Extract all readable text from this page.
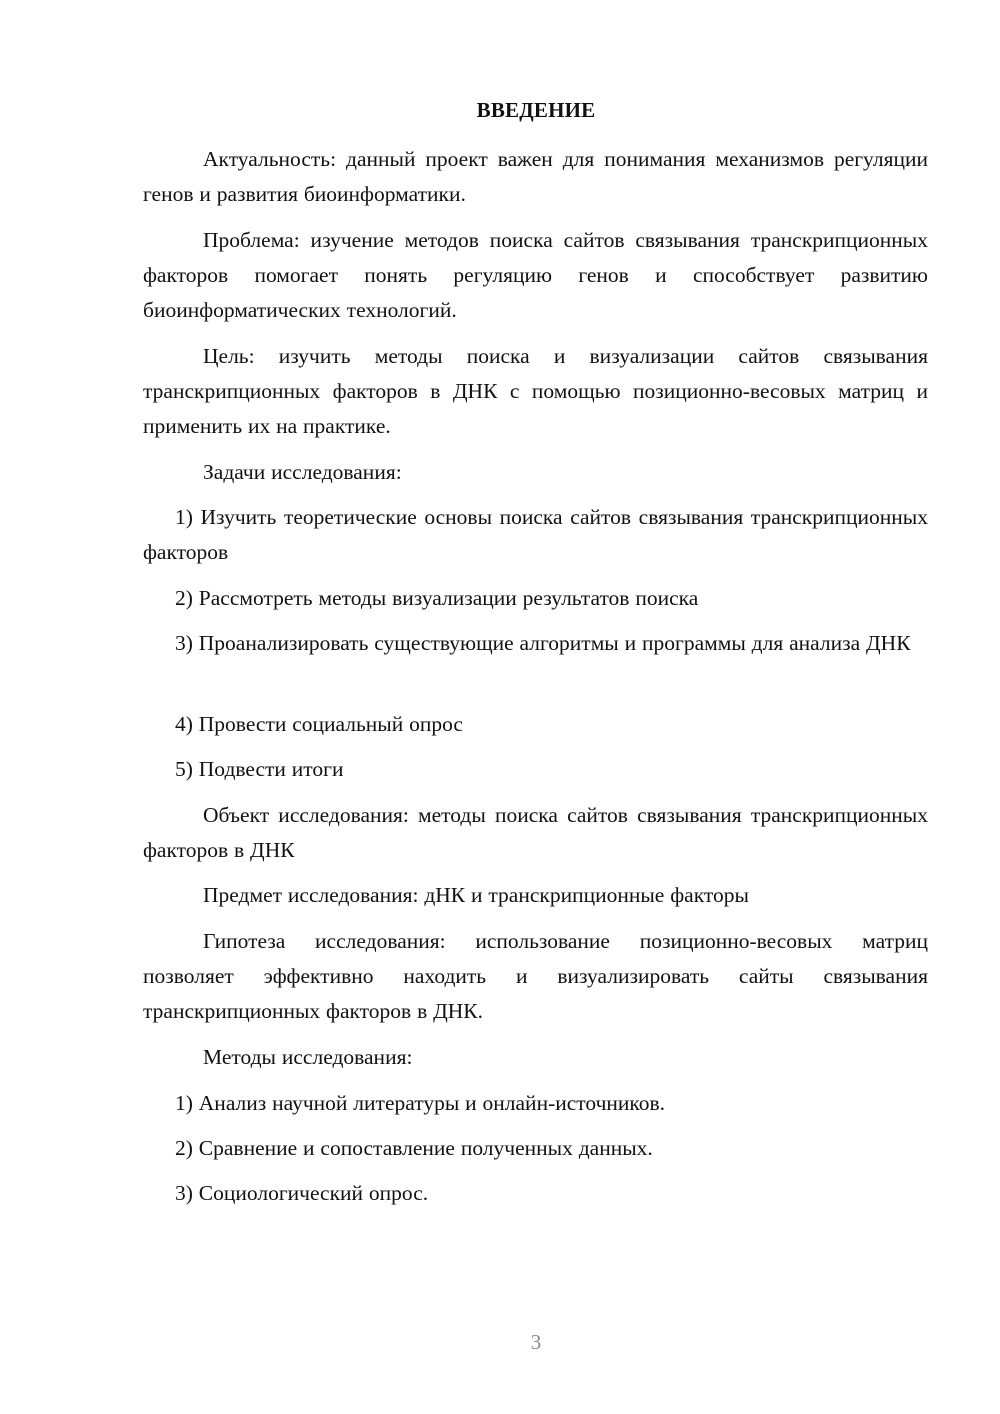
ВВЕДЕНИЕ

Актуальность: данный проект важен для понимания механизмов регуляции генов и развития биоинформатики.

Проблема: изучение методов поиска сайтов связывания транскрипционных факторов помогает понять регуляцию генов и способствует развитию биоинформатических технологий.

Цель: изучить методы поиска и визуализации сайтов связывания транскрипционных факторов в ДНК с помощью позиционно-весовых матриц и применить их на практике.

Задачи исследования:

1) Изучить теоретические основы поиска сайтов связывания транскрипционных факторов

2) Рассмотреть методы визуализации результатов поиска

3) Проанализировать существующие алгоритмы и программы для анализа ДНК

4) Провести социальный опрос

5) Подвести итоги

Объект исследования: методы поиска сайтов связывания транскрипционных факторов в ДНК

Предмет исследования: дНК и транскрипционные факторы

Гипотеза исследования: использование позиционно-весовых матриц позволяет эффективно находить и визуализировать сайты связывания транскрипционных факторов в ДНК.

Методы исследования:

1) Анализ научной литературы и онлайн-источников.

2) Сравнение и сопоставление полученных данных.

3) Социологический опрос.

3
